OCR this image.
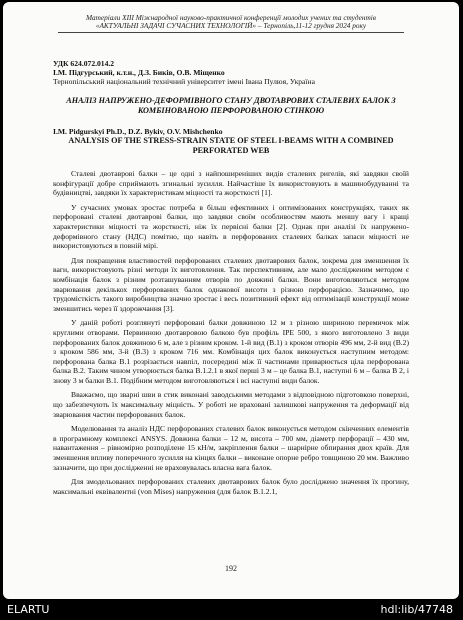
Матеріали ХІІІ Міжнародної науково-практичної конференції молодих учених та студентів
«АКТУАЛЬНІ ЗАДАЧІ СУЧАСНИХ ТЕХНОЛОГІЙ» – Тернопіль,11-12 грудня 2024 року
УДК 624.072.014.2
І.М. Підгурський, к.т.н., Д.З. Биків, О.В. Міщенко
Тернопільський національний технічний університет імені Івана Пулюя, Україна
АНАЛІЗ НАПРУЖЕНО-ДЕФОРМІВНОГО СТАНУ ДВОТАВРОВИХ СТАЛЕВИХ БАЛОК З КОМБІНОВАНОЮ ПЕРФОРОВАНОЮ СТІНКОЮ
I.M. Pidgurskyi Ph.D., D.Z. Bykiv, O.V. Mishchenko
ANALYSIS OF THE STRESS-STRAIN STATE OF STEEL I-BEAMS WITH A COMBINED PERFORATED WEB

Сталеві двотаврові балки – це одні з найпоширеніших видів сталевих ригелів, які завдяки своїй конфігурації добре сприймають згинальні зусилля. Найчастіше їх використовують в машинобудуванні та будівництві, завдяки їх характеристикам міцності та жорсткості [1].

У сучасних умовах зростає потреба в більш ефективних і оптимізованих конструкціях, таких як перфоровані сталеві двотаврові балки, що завдяки своїм особливостям мають меншу вагу і кращі характеристики міцності та жорсткості, ніж їх первісні балки [2]. Однак при аналізі їх напружено-деформівного стану (НДС) помітно, що навіть в перфорованих сталевих балках запаси міцності не використовуються в повній мірі.

Для покращення властивостей перфорованих сталевих двотаврових балок, зокрема для зменшення їх ваги, використовують різні методи їх виготовлення. Так перспективним, але мало дослідженим методом є комбінація балок з різним розташуванням отворів по довжині балки. Вони виготовляються методом зварювання декількох перфорованих балок однакової висоти з різною перфорацією. Зазначимо, що трудомісткість такого виробництва значно зростає і весь позитивний ефект від оптимізації конструкції може зменшитись через її здорожчання [3].

У даній роботі розглянуті перфоровані балки довжиною 12 м з різною шириною перемичок між круглими отворами. Первинною двотавровою балкою був профіль IPE 500, з якого виготовлено 3 види перфорованих балок довжиною 6 м, але з різним кроком. 1-й вид (B.1) з кроком отворів 496 мм, 2-й вид (B.2) з кроком 586 мм, 3-й (B.3) з кроком 716 мм. Комбінація цих балок виконується наступним методом: перфорована балка B.1 розрізається навпіл, посередині між її частинами приварюється ціла перфорована балка B.2. Таким чином утворюється балка B.1.2.1 в якої перші 3 м – це балка B.1, наступні 6 м – балка B 2, і знову 3 м балки B.1. Подібним методом виготовляються і всі наступні види балок.

Вважаємо, що зварні шви в стик виконані заводськими методами з відповідною підготовкою поверхні, що забезпечують їх максимальну міцність. У роботі не враховані залишкові напруження та деформації від зварювання частин перфорованих балок.

Моделювання та аналіз НДС перфорованих сталевих балок виконується методом скінченних елементів в програмному комплексі ANSYS. Довжина балки – 12 м, висота – 700 мм, діаметр перфорації – 430 мм, навантаження – рівномірно розподілене 15 кН/м, закріплення балки – шарнірне обпирання двох країв. Для зменшення впливу поперечного зусилля на кінцях балки – виконане опорне ребро товщиною 20 мм. Важливо зазначити, що при дослідженні не враховувалась власна вага балок.

Для змодельованих перфорованих сталевих двотаврових балок було досліджено значення їх прогину, максимальні еквівалентні (von Mises) напруження (для балок B.1.2.1,

192
ELARTU	hdl:lib/47748
